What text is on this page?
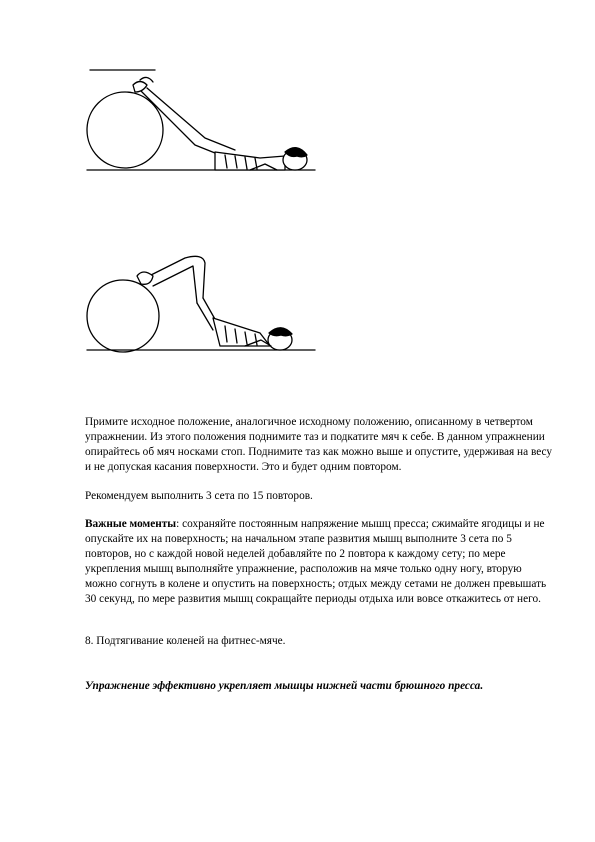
Примите исходное положение, аналогичное исходному положению, описанному в четвертом упражнении. Из этого положения поднимите таз и подкатите мяч к себе. В данном упражнении опирайтесь об мяч носками стоп. Поднимите таз как можно выше и опустите, удерживая на весу и не допуская касания поверхности. Это и будет одним повтором.

Рекомендуем выполнить 3 сета по 15 повторов.

Важные моменты: сохраняйте постоянным напряжение мышц пресса; сжимайте ягодицы и не опускайте их на поверхность; на начальном этапе развития мышц выполните 3 сета по 5 повторов, но с каждой новой неделей добавляйте по 2 повтора к каждому сету; по мере укрепления мышц выполняйте упражнение, расположив на мяче только одну ногу, вторую можно согнуть в колене и опустить на поверхность; отдых между сетами не должен превышать 30 секунд, по мере развития мышц сокращайте периоды отдыха или вовсе откажитесь от него.

8. Подтягивание коленей на фитнес-мяче.

Упражнение эффективно укрепляет мышцы нижней части брюшного пресса.
